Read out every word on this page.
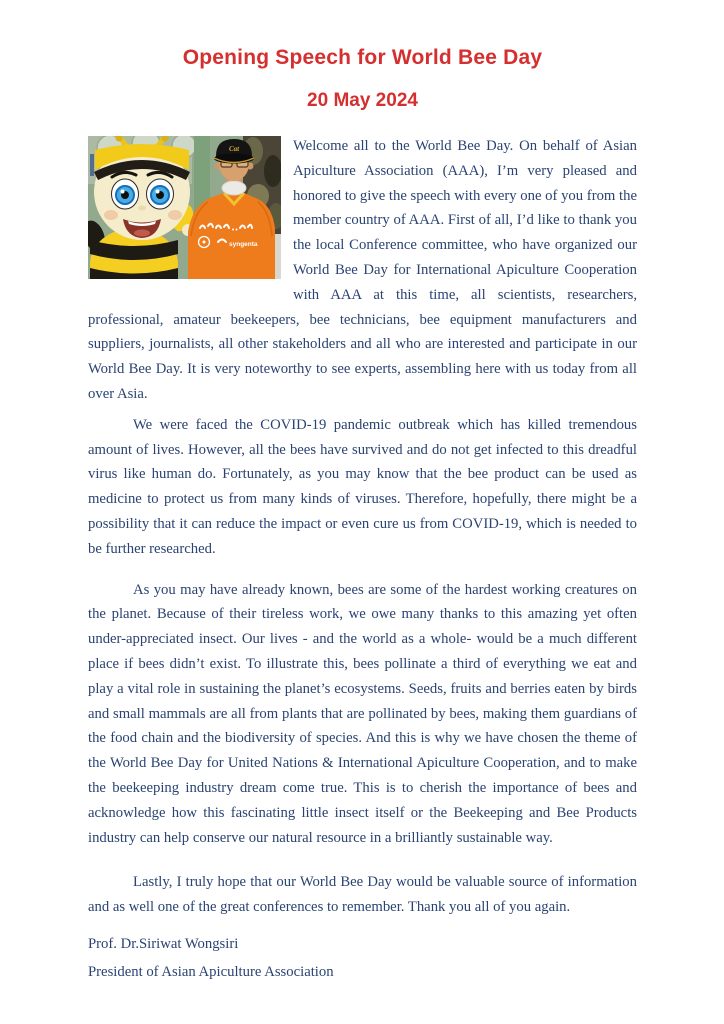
Opening Speech for World Bee Day
20 May 2024

Cat
syngenta
Welcome all to the World Bee Day. On behalf of Asian Apiculture Association (AAA), I’m very pleased and honored to give the speech with every one of you from the member country of AAA. First of all, I’d like to thank you the local Conference committee, who have organized our World Bee Day for International Apiculture Cooperation with AAA at this time, all scientists, researchers, professional, amateur beekeepers, bee technicians, bee equipment manufacturers and suppliers, journalists, all other stakeholders and all who are interested and participate in our World Bee Day. It is very noteworthy to see experts, assembling here with us today from all over Asia.

We were faced the COVID-19 pandemic outbreak which has killed tremendous amount of lives. However, all the bees have survived and do not get infected to this dreadful virus like human do. Fortunately, as you may know that the bee product can be used as medicine to protect us from many kinds of viruses. Therefore, hopefully, there might be a possibility that it can reduce the impact or even cure us from COVID-19, which is needed to be further researched.

As you may have already known, bees are some of the hardest working creatures on the planet. Because of their tireless work, we owe many thanks to this amazing yet often under-appreciated insect. Our lives - and the world as a whole- would be a much different place if bees didn’t exist. To illustrate this, bees pollinate a third of everything we eat and play a vital role in sustaining the planet’s ecosystems. Seeds, fruits and berries eaten by birds and small mammals are all from plants that are pollinated by bees, making them guardians of the food chain and the biodiversity of species. And this is why we have chosen the theme of the World Bee Day for United Nations & International Apiculture Cooperation, and to make the beekeeping industry dream come true. This is to cherish the importance of bees and acknowledge how this fascinating little insect itself or the Beekeeping and Bee Products industry can help conserve our natural resource in a brilliantly sustainable way.

Lastly, I truly hope that our World Bee Day would be valuable source of information and as well one of the great conferences to remember. Thank you all of you again.

Prof. Dr.Siriwat Wongsiri

President of Asian Apiculture Association
